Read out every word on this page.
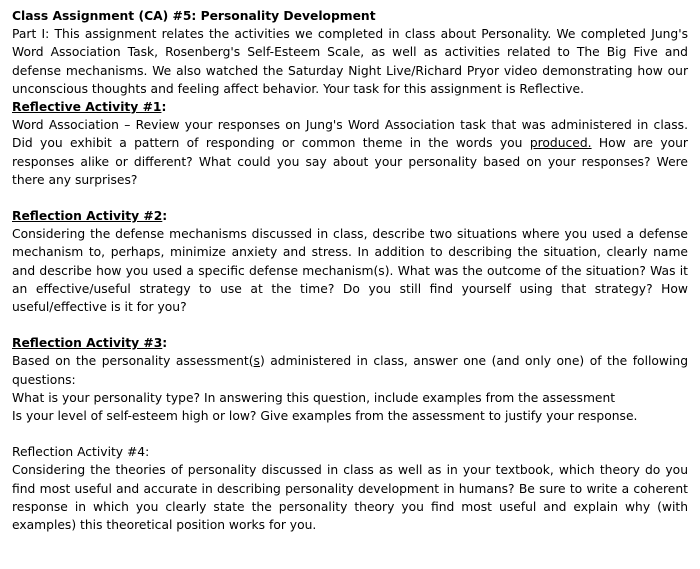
Class Assignment (CA) #5: Personality Development
Part I: This assignment relates the activities we completed in class about Personality. We completed Jung's Word Association Task, Rosenberg's Self-Esteem Scale, as well as activities related to The Big Five and defense mechanisms. We also watched the Saturday Night Live/Richard Pryor video demonstrating how our unconscious thoughts and feeling affect behavior. Your task for this assignment is Reflective.
Reflective Activity #1:
Word Association – Review your responses on Jung's Word Association task that was administered in class. Did you exhibit a pattern of responding or common theme in the words you produced. How are your responses alike or different? What could you say about your personality based on your responses? Were there any surprises?
Reflection Activity #2:
Considering the defense mechanisms discussed in class, describe two situations where you used a defense mechanism to, perhaps, minimize anxiety and stress. In addition to describing the situation, clearly name and describe how you used a specific defense mechanism(s). What was the outcome of the situation? Was it an effective/useful strategy to use at the time? Do you still find yourself using that strategy? How useful/effective is it for you?
Reflection Activity #3:
Based on the personality assessment(s) administered in class, answer one (and only one) of the following questions:
What is your personality type? In answering this question, include examples from the assessment
Is your level of self-esteem high or low? Give examples from the assessment to justify your response.
Reflection Activity #4:
Considering the theories of personality discussed in class as well as in your textbook, which theory do you find most useful and accurate in describing personality development in humans? Be sure to write a coherent response in which you clearly state the personality theory you find most useful and explain why (with examples) this theoretical position works for you.
